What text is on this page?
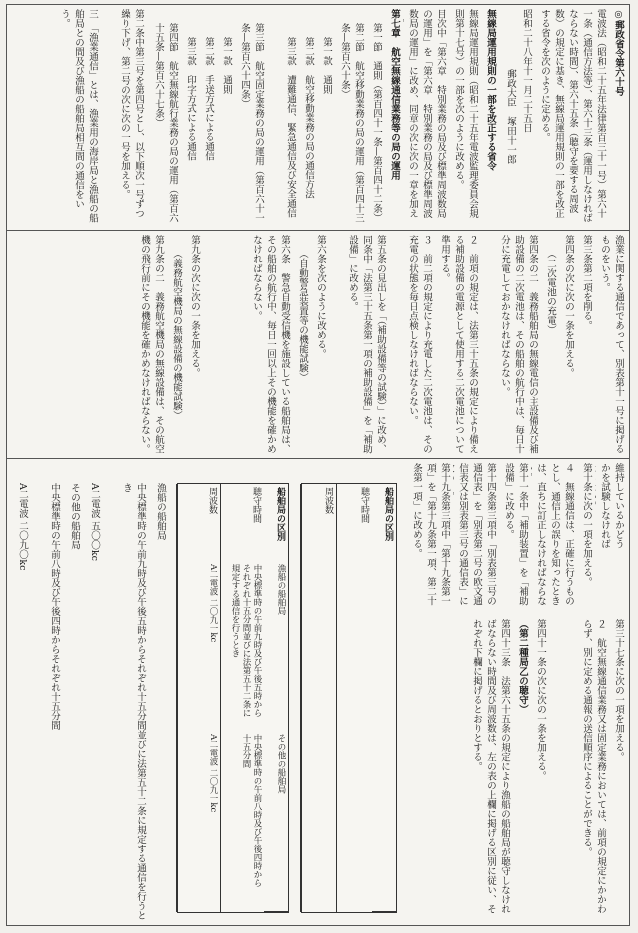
◎郵政省令第六十号
電波法（昭和二十五年法律第百三十一号）第六十一条（通信方法等）、第六十三条（運用しなければならない時間）、第六十五条（聴守を要する周波数）の規定に基き、無線局運用規則の一部を改正する省令を次のように定める。
昭和二十八年十一月二十五日
郵政大臣　塚田十一郎
無線局運用規則の一部を改正する省令
無線局運用規則（昭和二十五年電波監理委員会規則第十七号）の一部を次のように改める。
目次中「第六章　特別業務の局及び標準周波数局の運用」を「第六章　特別業務の局及び標準周波数局の運用」に改め、同章の次に次の一章を加え
第七章　航空無線通信業務等の局の運用
第一節　通則（第百四十一条—第百四十二条）
第二節　航空移動業務の局の運用（第百四十三条—第百六十条）
第一款　通則
第二款　航空移動業務の局の通信方法
第三款　遭難通信、緊急通信及び安全通信
第三節　航空固定業務の局の運用（第百六十一条—第百六十四条）
第一款　通則
第二款　手送方式による通信
第三款　印字方式による通信
第四節　航空無線航行業務の局の運用（第百六十五条—第百六十七条）
第二条中第三号を第四号とし、以下順次一号ずつ繰り下げ、第二号の次に次の一号を加える。
三　「漁業通信」とは、漁業用の海岸局と漁船の船舶局との間及び漁船の船舶局相互間の通信をいう。
漁業に関する通信であって、別表第十一号に掲げるものをいう。
第三条第二項を削る。
第四条の次に次の一条を加える。
（二次電池の充電）
第四条の二　義務船舶局の無線電信の主設備及び補助設備の二次電池は、その船舶の航行中は、毎日十分に充電しておかなければならない。
２　前項の規定は、法第三十五条の規定により備える補助設備の電源として使用する二次電池について準用する。
３　前二項の規定により充電した二次電池は、その充電の状態を毎日点検しなければならない。
第五条の見出しを「（補助設備等の試験）」に改め、同条中「法第三十五条第一項の補助設備」を「補助設備」に改める。
第六条を次のように改める。
（自動警急装置等の機能試験）
第六条　警急自動受信機を施設している船舶局は、その船舶の航行中、毎日一回以上その機能を確かめなければならない。
第九条の次に次の一条を加える。
（義務航空機局の無線設備の機能試験）
第九条の二　義務航空機局の無線設備は、その航空機の飛行前にその機能を確かめなければならない。
維持しているかどうかを試験しなければ
第十条に次の一項を加える。
４　無線通信は、正確に行うものとし、通信上の誤りを知ったときは、直ちに訂正しなければならな
第十一条中「補助装置」を「補助設備」に改める。
第十四条第三項中「別表第三号の通信表」を「別表第二号の欧文通信表又は別表第三号の通信表」に
第十九条第三項中「第十九条第一項」を「第十九条第一項、第二十条第一項」に改める。
第三十七条に次の一項を加える。
２　航空無線通信業務又は固定業務においては、前項の規定にかかわらず、別に定める通報の送信順序によることができる。
第四十一条の次に次の一条を加える。
（第二種局乙の聴守）
第四十三条　法第六十五条の規定により漁船の船舶局が聴守しなければならない時間及び周波数は、左の表の上欄に掲げる区別に従い、それぞれ下欄に掲げるとおりとする。
船舶局の区別
聴守時間
周波数
船舶局の区別
聴守時間
周波数
漁船の船舶局
中央標準時の午前九時及び午後五時からそれぞれ十五分間並びに法第五十二条に規定する通信を行うとき
A二電波 二〇九一kc
その他の船舶局
中央標準時の午前八時及び午後四時から十五分間
A二電波 二〇九一kc
漁船の船舶局
中央標準時の午前九時及び午後五時からそれぞれ十五分間並びに法第五十二条に規定する通信を行うとき
A二電波 五〇〇kc
その他の船舶局
中央標準時の午前八時及び午後四時からそれぞれ十五分間
A二電波 二〇九〇kc
